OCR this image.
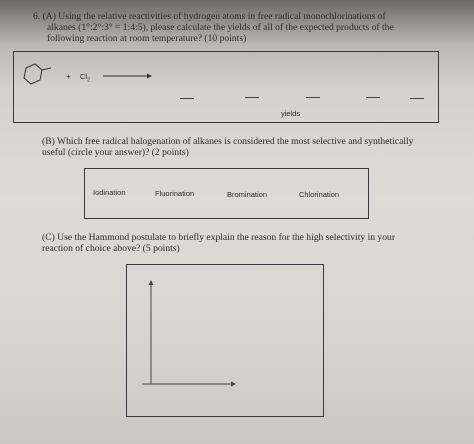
6. (A) Using the relative reactivities of hydrogen atoms in free radical monochlorinations of
alkanes (1°:2°:3° = 1:4:5), please calculate the yields of all of the expected products of the
following reaction at room temperature? (10 points)
+ $Cl_2$
yields
(B) Which free radical halogenation of alkanes is considered the most selective and synthetically
useful (circle your answer)? (2 points)
Iodination	Fluorination	Bromination	Chlorination
(C) Use the Hammond postulate to briefly explain the reason for the high selectivity in your
reaction of choice above? (5 points)
